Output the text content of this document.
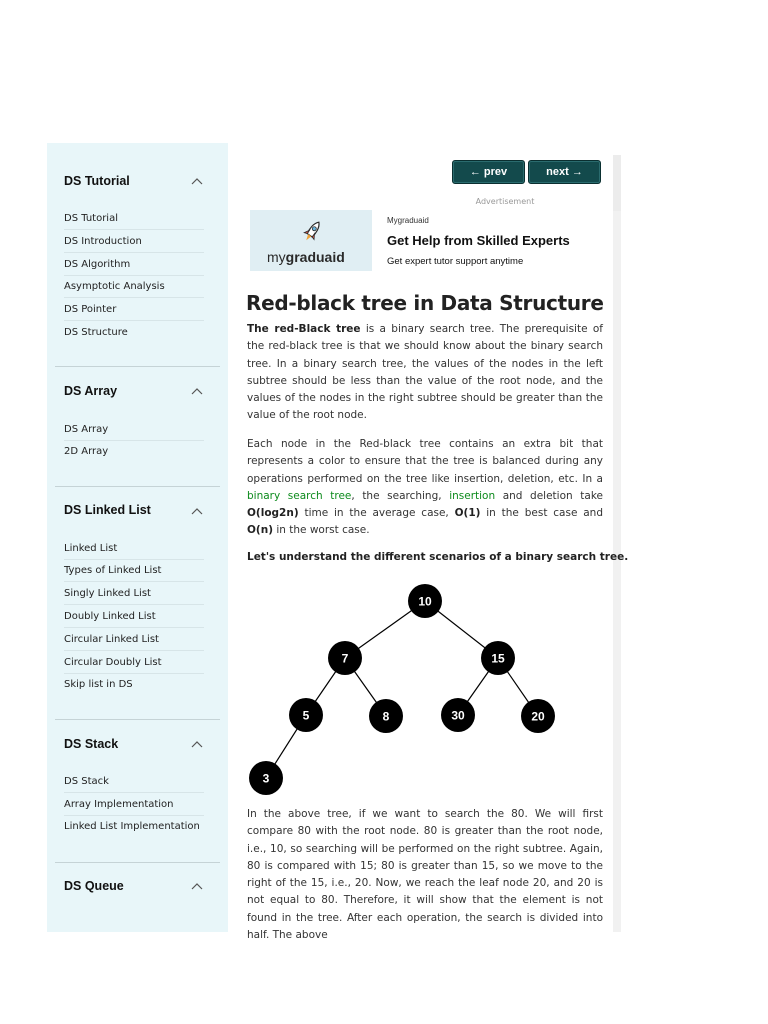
DS Tutorial
DS Tutorial
DS Introduction
DS Algorithm
Asymptotic Analysis
DS Pointer
DS Structure
DS Array
DS Array
2D Array
DS Linked List
Linked List
Types of Linked List
Singly Linked List
Doubly Linked List
Circular Linked List
Circular Doubly List
Skip list in DS
DS Stack
DS Stack
Array Implementation
Linked List Implementation
DS Queue
← prev	next →
Advertisement
mygraduaid
Mygraduaid
Get Help from Skilled Experts
Get expert tutor support anytime
Red-black tree in Data Structure
The red-Black tree is a binary search tree. The prerequisite of the red-black tree is that we should know about the binary search tree. In a binary search tree, the values of the nodes in the left subtree should be less than the value of the root node, and the values of the nodes in the right subtree should be greater than the value of the root node.
Each node in the Red-black tree contains an extra bit that represents a color to ensure that the tree is balanced during any operations performed on the tree like insertion, deletion, etc. In a binary search tree, the searching, insertion and deletion take O(log2n) time in the average case, O(1) in the best case and O(n) in the worst case.
Let's understand the different scenarios of a binary search tree.
10
7	15
5	8	30	20
3
In the above tree, if we want to search the 80. We will first compare 80 with the root node. 80 is greater than the root node, i.e., 10, so searching will be performed on the right subtree. Again, 80 is compared with 15; 80 is greater than 15, so we move to the right of the 15, i.e., 20. Now, we reach the leaf node 20, and 20 is not equal to 80. Therefore, it will show that the element is not found in the tree. After each operation, the search is divided into half. The above
